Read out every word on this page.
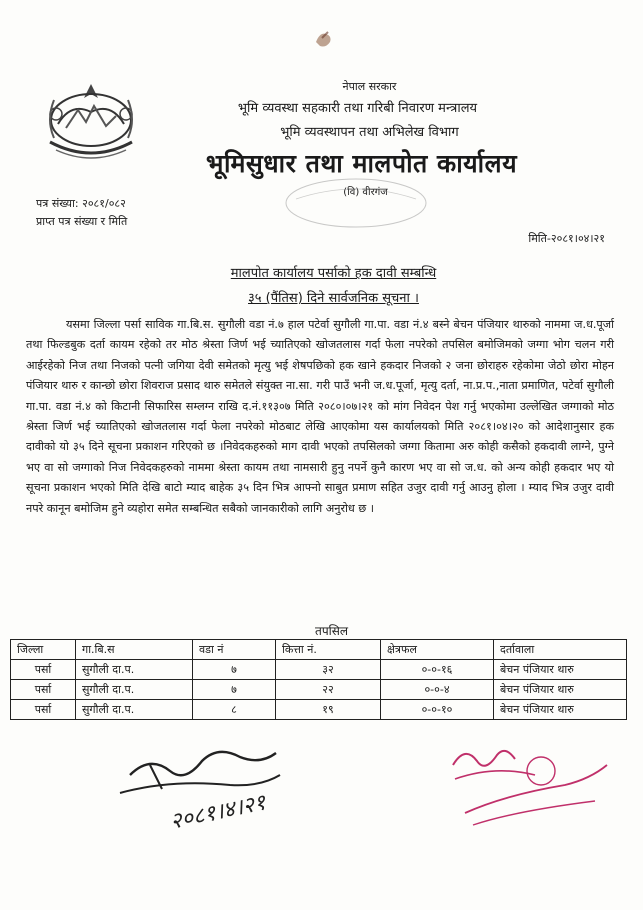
नेपाल सरकार
भूमि व्यवस्था सहकारी तथा गरिबी निवारण मन्त्रालय
भूमि व्यवस्थापन तथा अभिलेख विभाग
भूमिसुधार तथा मालपोत कार्यालय
(वि) वीरगंज
पत्र संख्या: २०८१/०८२
प्राप्त पत्र संख्या र मिति
मिति-२०८१।०४।२१
मालपोत कार्यालय पर्साको हक दावी सम्बन्धि
३५ (पैंतिस) दिने सार्वजनिक सूचना ।
यसमा जिल्ला पर्सा साविक गा.बि.स. सुगौली वडा नं.७ हाल पटेर्वा सुगौली गा.पा. वडा नं.४ बस्ने बेचन पंजियार थारुको नाममा ज.ध.पूर्जा तथा फिल्डबुक दर्ता कायम रहेको तर मोठ श्रेस्ता जिर्ण भई च्यातिएको खोजतलास गर्दा फेला नपरेको तपसिल बमोजिमको जग्गा भोग चलन गरी आईरहेको निज तथा निजको पत्नी जगिया देवी समेतको मृत्यु भई शेषपछिको हक खाने हकदार निजको २ जना छोराहरु रहेकोमा जेठो छोरा मोहन पंजियार थारु र कान्छो छोरा शिवराज प्रसाद थारु समेतले संयुक्त ना.सा. गरी पाउँ भनी ज.ध.पूर्जा, मृत्यु दर्ता, ना.प्र.प.,नाता प्रमाणित, पटेर्वा सुगौली गा.पा. वडा नं.४ को किटानी सिफारिस सम्लग्न राखि द.नं.११३०७ मिति २०८०।०७।२१ को मांग निवेदन पेश गर्नु भएकोमा उल्लेखित जग्गाको मोठ श्रेस्ता जिर्ण भई च्यातिएको खोजतलास गर्दा फेला नपरेको मोठबाट लेखि आएकोमा यस कार्यालयको मिति २०८१।०४।२० को आदेशानुसार हक दावीको यो ३५ दिने सूचना प्रकाशन गरिएको छ ।निवेदकहरुको माग दावी भएको तपसिलको जग्गा कितामा अरु कोही कसैको हकदावी लाग्ने, पुग्ने भए वा सो जग्गाको निज निवेदकहरुको नाममा श्रेस्ता कायम तथा नामसारी हुनु नपर्ने कुनै कारण भए वा सो ज.ध. को अन्य कोही हकदार भए यो सूचना प्रकाशन भएको मिति देखि बाटो म्याद बाहेक ३५ दिन भित्र आफ्नो साबुत प्रमाण सहित उजुर दावी गर्नु आउनु होला । म्याद भित्र उजुर दावी नपरे कानून बमोजिम हुने व्यहोरा समेत सम्बन्धित सबैको जानकारीको लागि अनुरोध छ ।
तपसिल
जिल्ला	गा.बि.स	वडा नं	कित्ता नं.	क्षेत्रफल	दर्तावाला
पर्सा	सुगौली दा.प.	७	३२	०-०-१६	बेचन पंजियार थारु
पर्सा	सुगौली दा.प.	७	२२	०-०-४	बेचन पंजियार थारु
पर्सा	सुगौली दा.प.	८	१९	०-०-१०	बेचन पंजियार थारु
२०८१।४।२१
